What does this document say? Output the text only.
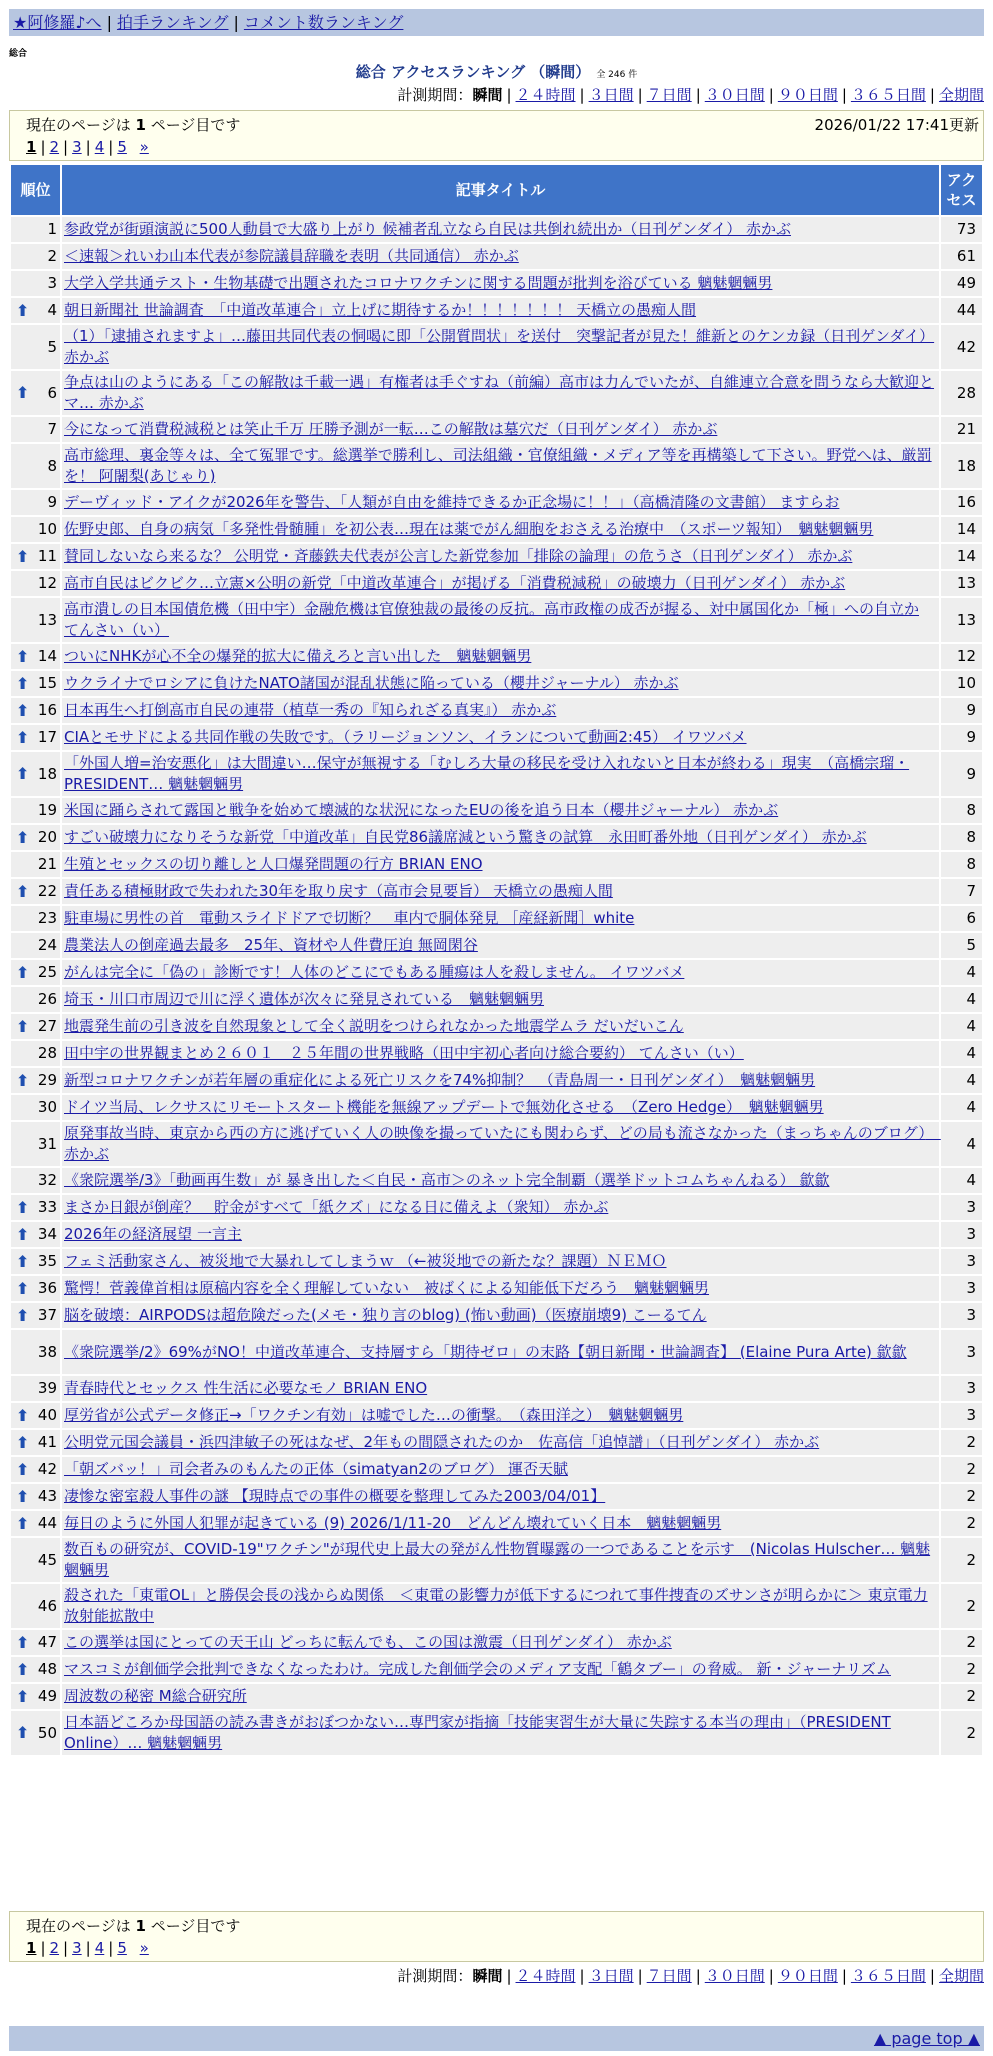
★阿修羅♪へ | 拍手ランキング | コメント数ランキング
総合
総合 アクセスランキング （瞬間） 全 246 件
計測期間：瞬間 | ２４時間 | ３日間 | ７日間 | ３０日間 | ９０日間 | ３６５日間 | 全期間
現在のページは 1 ページ目です	2026/01/22 17:41更新
1 | 2 | 3 | 4 | 5 »
順位	記事タイトル	アクセス
1	参政党が街頭演説に500人動員で大盛り上がり 候補者乱立なら自民は共倒れ続出か（日刊ゲンダイ） 赤かぶ	73
2	＜速報＞れいわ山本代表が参院議員辞職を表明（共同通信） 赤かぶ	61
3	大学入学共通テスト・生物基礎で出題されたコロナワクチンに関する問題が批判を浴びている 魑魅魍魎男	49

⬆ 4	朝日新聞社 世論調査　「中道改革連合」立上げに期待するか！！！！！！！ 天橋立の愚痴人間	44
5	（1）「逮捕されますよ」…藤田共同代表の恫喝に即「公開質問状」を送付　突撃記者が見た！維新とのケンカ録（日刊ゲンダイ） 赤かぶ	42

⬆ 6	争点は山のようにある「この解散は千載一遇」有権者は手ぐすね（前編）高市は力んでいたが、自維連立合意を問うなら大歓迎とマ… 赤かぶ	28
7	今になって消費税減税とは笑止千万 圧勝予測が一転…この解散は墓穴だ（日刊ゲンダイ） 赤かぶ	21
8	高市総理、裏金等々は、全て冤罪です。総選挙で勝利し、司法組織・官僚組織・メディア等を再構築して下さい。野党へは、厳罰を！ 阿闍梨(あじゃり)	18
9	デーヴィッド・アイクが2026年を警告、「人類が自由を維持できるか正念場に！！」（高橋清隆の文書館） ますらお	16
10	佐野史郎、自身の病気「多発性骨髄腫」を初公表…現在は薬でがん細胞をおさえる治療中　（スポーツ報知）　魑魅魍魎男	14

⬆ 11	賛同しないなら来るな？ 公明党・斉藤鉄夫代表が公言した新党参加「排除の論理」の危うさ（日刊ゲンダイ） 赤かぶ	14
12	高市自民はビクビク…立憲×公明の新党「中道改革連合」が掲げる「消費税減税」の破壊力（日刊ゲンダイ） 赤かぶ	13
13	高市潰しの日本国債危機（田中宇）金融危機は官僚独裁の最後の反抗。高市政権の成否が握る、対中属国化か「極」への自立か てんさい（い）	13

⬆ 14	ついにNHKが心不全の爆発的拡大に備えろと言い出した　魑魅魍魎男	12

⬆ 15	ウクライナでロシアに負けたNATO諸国が混乱状態に陥っている（櫻井ジャーナル） 赤かぶ	10

⬆ 16	日本再生へ打倒高市自民の連帯（植草一秀の『知られざる真実』） 赤かぶ	9

⬆ 17	CIAとモサドによる共同作戦の失敗です。（ラリージョンソン、イランについて動画2:45） イワツバメ	9

⬆ 18	「外国人増=治安悪化」は大間違い…保守が無視する「むしろ大量の移民を受け入れないと日本が終わる」現実　（高橋宗瑠・PRESIDENT… 魑魅魍魎男	9
19	米国に踊らされて露国と戦争を始めて壊滅的な状況になったEUの後を追う日本（櫻井ジャーナル） 赤かぶ	8

⬆ 20	すごい破壊力になりそうな新党「中道改革」自民党86議席減という驚きの試算　永田町番外地（日刊ゲンダイ） 赤かぶ	8
21	生殖とセックスの切り離しと人口爆発問題の行方 BRIAN ENO	8

⬆ 22	責任ある積極財政で失われた30年を取り戻す（高市会見要旨） 天橋立の愚痴人間	7
23	駐車場に男性の首　電動スライドドアで切断？　車内で胴体発見 ［産経新聞］white	6
24	農業法人の倒産過去最多　25年、資材や人件費圧迫 無岡閑谷	5

⬆ 25	がんは完全に「偽の」診断です！人体のどこにでもある腫瘍は人を殺しません。 イワツバメ	4
26	埼玉・川口市周辺で川に浮く遺体が次々に発見されている　魑魅魍魎男	4

⬆ 27	地震発生前の引き波を自然現象として全く説明をつけられなかった地震学ムラ だいだいこん	4
28	田中宇の世界観まとめ２６０１　２５年間の世界戦略（田中宇初心者向け総合要約） てんさい（い）	4

⬆ 29	新型コロナワクチンが若年層の重症化による死亡リスクを74%抑制？　（青島周一・日刊ゲンダイ）　魑魅魍魎男	4
30	ドイツ当局、レクサスにリモートスタート機能を無線アップデートで無効化させる　（Zero Hedge）　魑魅魍魎男	4
31	原発事故当時、東京から西の方に逃げていく人の映像を撮っていたにも関わらず、どの局も流さなかった（まっちゃんのブログ）　赤かぶ	4
32	《衆院選挙/3》「動画再生数」が 暴き出した＜自民・高市＞のネット完全制覇（選挙ドットコムちゃんねる） 歙歙	4

⬆ 33	まさか日銀が倒産？　貯金がすべて「紙クズ」になる日に備えよ（衆知） 赤かぶ	3

⬆ 34	2026年の経済展望 一言主	3

⬆ 35	フェミ活動家さん、被災地で大暴れしてしまうｗ （←被災地での新たな？課題）ＮＥＭＯ	3

⬆ 36	驚愕！菅義偉首相は原稿内容を全く理解していない　被ばくによる知能低下だろう　魑魅魍魎男	3

⬆ 37	脳を破壊：AIRPODSは超危険だった(メモ・独り言のblog) (怖い動画)（医療崩壊9) こーるてん	3
38	《衆院選挙/2》69%がNO！中道改革連合、支持層すら「期待ゼロ」の末路【朝日新聞・世論調査】 (Elaine Pura Arte) 歙歙	3
39	青春時代とセックス 性生活に必要なモノ BRIAN ENO	3

⬆ 40	厚労省が公式データ修正→「ワクチン有効」は嘘でした…の衝撃。　（森田洋之）　魑魅魍魎男	3

⬆ 41	公明党元国会議員・浜四津敏子の死はなぜ、2年もの間隠されたのか　佐高信「追悼譜」（日刊ゲンダイ） 赤かぶ	2

⬆ 42	「朝ズバッ！」司会者みのもんたの正体（simatyan2のブログ） 運否天賦	2

⬆ 43	凄惨な密室殺人事件の謎 【現時点での事件の概要を整理してみた2003/04/01】	2

⬆ 44	毎日のように外国人犯罪が起きている (9) 2026/1/11-20　どんどん壊れていく日本　魑魅魍魎男	2
45	数百もの研究が、COVID-19"ワクチン"が現代史上最大の発がん性物質曝露の一つであることを示す　(Nicolas Hulscher… 魑魅魍魎男	2
46	殺された「東電OL」と勝俣会長の浅からぬ関係　＜東電の影響力が低下するにつれて事件捜査のズサンさが明らかに＞ 東京電力放射能拡散中	2

⬆ 47	この選挙は国にとっての天王山 どっちに転んでも、この国は激震（日刊ゲンダイ） 赤かぶ	2

⬆ 48	マスコミが創価学会批判できなくなったわけ。完成した創価学会のメディア支配「鶴タブー」の脅威。 新・ジャーナリズム	2

⬆ 49	周波数の秘密 M総合研究所	2

⬆ 50	日本語どころか母国語の読み書きがおぼつかない…専門家が指摘「技能実習生が大量に失踪する本当の理由」（PRESIDENT Online）… 魑魅魍魎男	2
現在のページは 1 ページ目です
1 | 2 | 3 | 4 | 5 »
計測期間：瞬間 | ２４時間 | ３日間 | ７日間 | ３０日間 | ９０日間 | ３６５日間 | 全期間
▲ page top ▲
